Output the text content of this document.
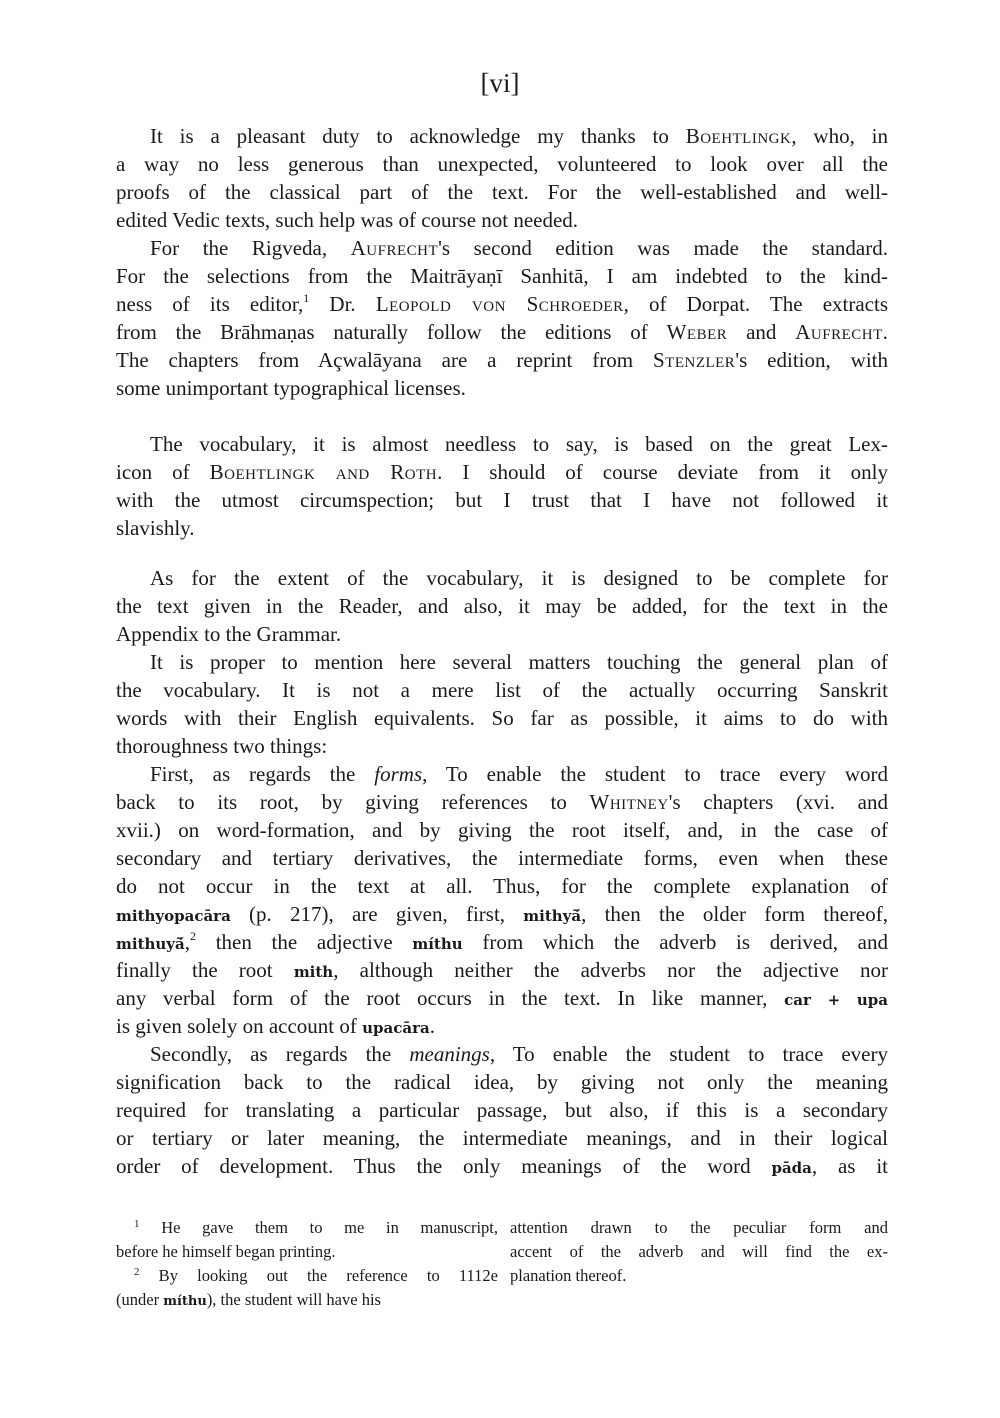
[vi]
It is a pleasant duty to acknowledge my thanks to Boehtlingk, who, in
a way no less generous than unexpected, volunteered to look over all the
proofs of the classical part of the text. For the well-established and well-
edited Vedic texts, such help was of course not needed.
For the Rigveda, Aufrecht's second edition was made the standard.
For the selections from the Maitrāyaṇī Sanhitā, I am indebted to the kind-
ness of its editor,$^1$ Dr. Leopold von Schroeder, of Dorpat. The extracts
from the Brāhmaṇas naturally follow the editions of Weber and Aufrecht.
The chapters from Açwalāyana are a reprint from Stenzler's edition, with
some unimportant typographical licenses.
The vocabulary, it is almost needless to say, is based on the great Lex-
icon of Boehtlingk and Roth. I should of course deviate from it only
with the utmost circumspection; but I trust that I have not followed it
slavishly.
As for the extent of the vocabulary, it is designed to be complete for
the text given in the Reader, and also, it may be added, for the text in the
Appendix to the Grammar.
It is proper to mention here several matters touching the general plan of
the vocabulary. It is not a mere list of the actually occurring Sanskrit
words with their English equivalents. So far as possible, it aims to do with
thoroughness two things:
First, as regards the forms, To enable the student to trace every word
back to its root, by giving references to Whitney's chapters (xvi. and
xvii.) on word-formation, and by giving the root itself, and, in the case of
secondary and tertiary derivatives, the intermediate forms, even when these
do not occur in the text at all. Thus, for the complete explanation of
mithyopacāra (p. 217), are given, first, mithyā́, then the older form thereof,
mithuyā́,$^2$ then the adjective míthu from which the adverb is derived, and
finally the root mith, although neither the adverbs nor the adjective nor
any verbal form of the root occurs in the text. In like manner, car + upa
is given solely on account of upacāra.
Secondly, as regards the meanings, To enable the student to trace every
signification back to the radical idea, by giving not only the meaning
required for translating a particular passage, but also, if this is a secondary
or tertiary or later meaning, the intermediate meanings, and in their logical
order of development. Thus the only meanings of the word pāda, as it
$^1$ He gave them to me in manuscript,
before he himself began printing.
$^2$ By looking out the reference to 1112e
(under míthu), the student will have his
attention drawn to the peculiar form and
accent of the adverb and will find the ex-
planation thereof.
